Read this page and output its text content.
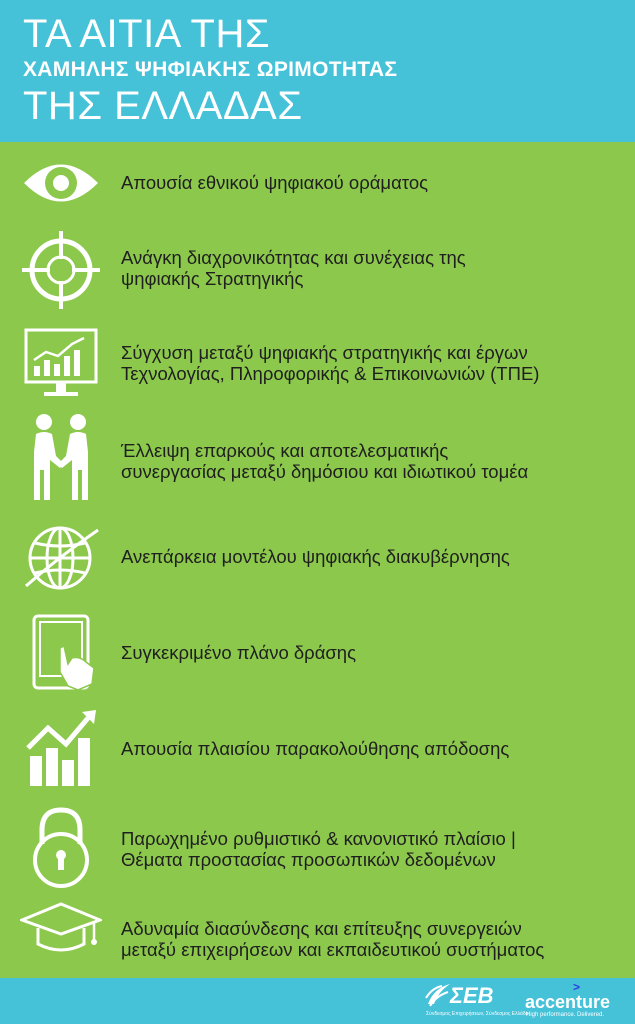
ΤΑ ΑΙΤΙΑ ΤΗΣ
ΧΑΜΗΛΗΣ ΨΗΦΙΑΚΗΣ ΩΡΙΜΟΤΗΤΑΣ
ΤΗΣ ΕΛΛΑΔΑΣ
Απουσία εθνικού ψηφιακού οράματος
Ανάγκη διαχρονικότητας και συνέχειας της
ψηφιακής Στρατηγικής
Σύγχυση μεταξύ ψηφιακής στρατηγικής και έργων
Τεχνολογίας, Πληροφορικής & Επικοινωνιών (ΤΠΕ)
Έλλειψη επαρκούς και αποτελεσματικής
συνεργασίας μεταξύ δημόσιου και ιδιωτικού τομέα
Ανεπάρκεια μοντέλου ψηφιακής διακυβέρνησης
Συγκεκριμένο πλάνο δράσης
Απουσία πλαισίου παρακολούθησης απόδοσης
Παρωχημένο ρυθμιστικό & κανονιστικό πλαίσιο |
Θέματα προστασίας προσωπικών δεδομένων
Αδυναμία διασύνδεσης και επίτευξης συνεργειών
μεταξύ επιχειρήσεων και εκπαιδευτικού συστήματος
ΣΕΒ
Σύνδεσμος Επιχειρήσεων, Σύνδεσμος Ελλάδα
>
accenture
High performance. Delivered.
